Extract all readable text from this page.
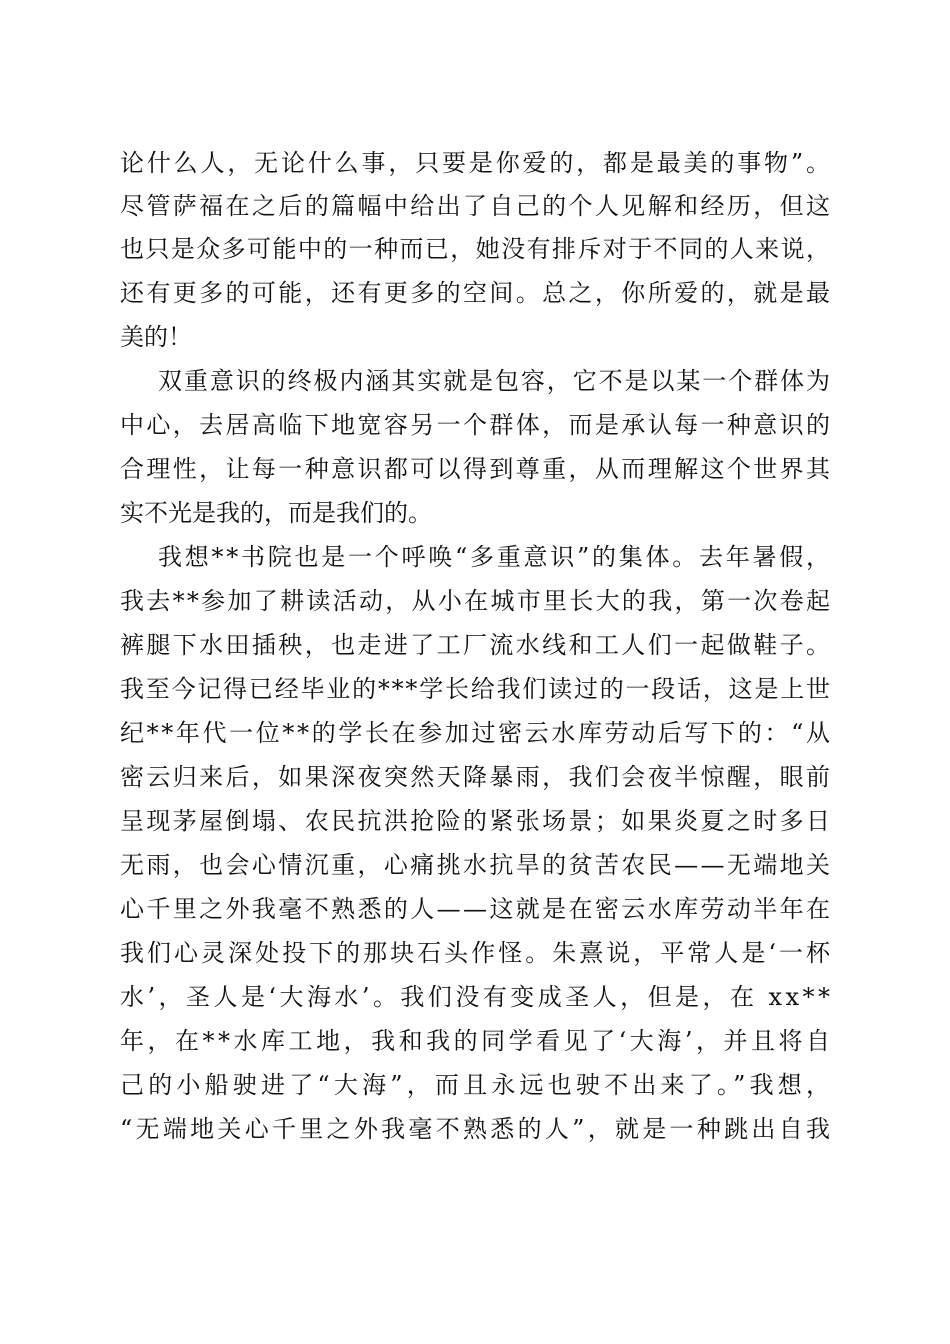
论什么人，无论什么事，只要是你爱的，都是最美的事物”。
尽管萨福在之后的篇幅中给出了自己的个人见解和经历，但这
也只是众多可能中的一种而已，她没有排斥对于不同的人来说，
还有更多的可能，还有更多的空间。总之，你所爱的，就是最
美的！
双重意识的终极内涵其实就是包容，它不是以某一个群体为
中心，去居高临下地宽容另一个群体，而是承认每一种意识的
合理性，让每一种意识都可以得到尊重，从而理解这个世界其
实不光是我的，而是我们的。
我想**书院也是一个呼唤“多重意识”的集体。去年暑假，
我去**参加了耕读活动，从小在城市里长大的我，第一次卷起
裤腿下水田插秧，也走进了工厂流水线和工人们一起做鞋子。
我至今记得已经毕业的***学长给我们读过的一段话，这是上世
纪**年代一位**的学长在参加过密云水库劳动后写下的：“从
密云归来后，如果深夜突然天降暴雨，我们会夜半惊醒，眼前
呈现茅屋倒塌、农民抗洪抢险的紧张场景；如果炎夏之时多日
无雨，也会心情沉重，心痛挑水抗旱的贫苦农民——无端地关
心千里之外我毫不熟悉的人——这就是在密云水库劳动半年在
我们心灵深处投下的那块石头作怪。朱熹说，平常人是‘一杯
水’，圣人是‘大海水’。我们没有变成圣人，但是，在 xx**
年，在**水库工地，我和我的同学看见了‘大海’，并且将自
己的小船驶进了“大海”，而且永远也驶不出来了。”我想，
“无端地关心千里之外我毫不熟悉的人”，就是一种跳出自我
